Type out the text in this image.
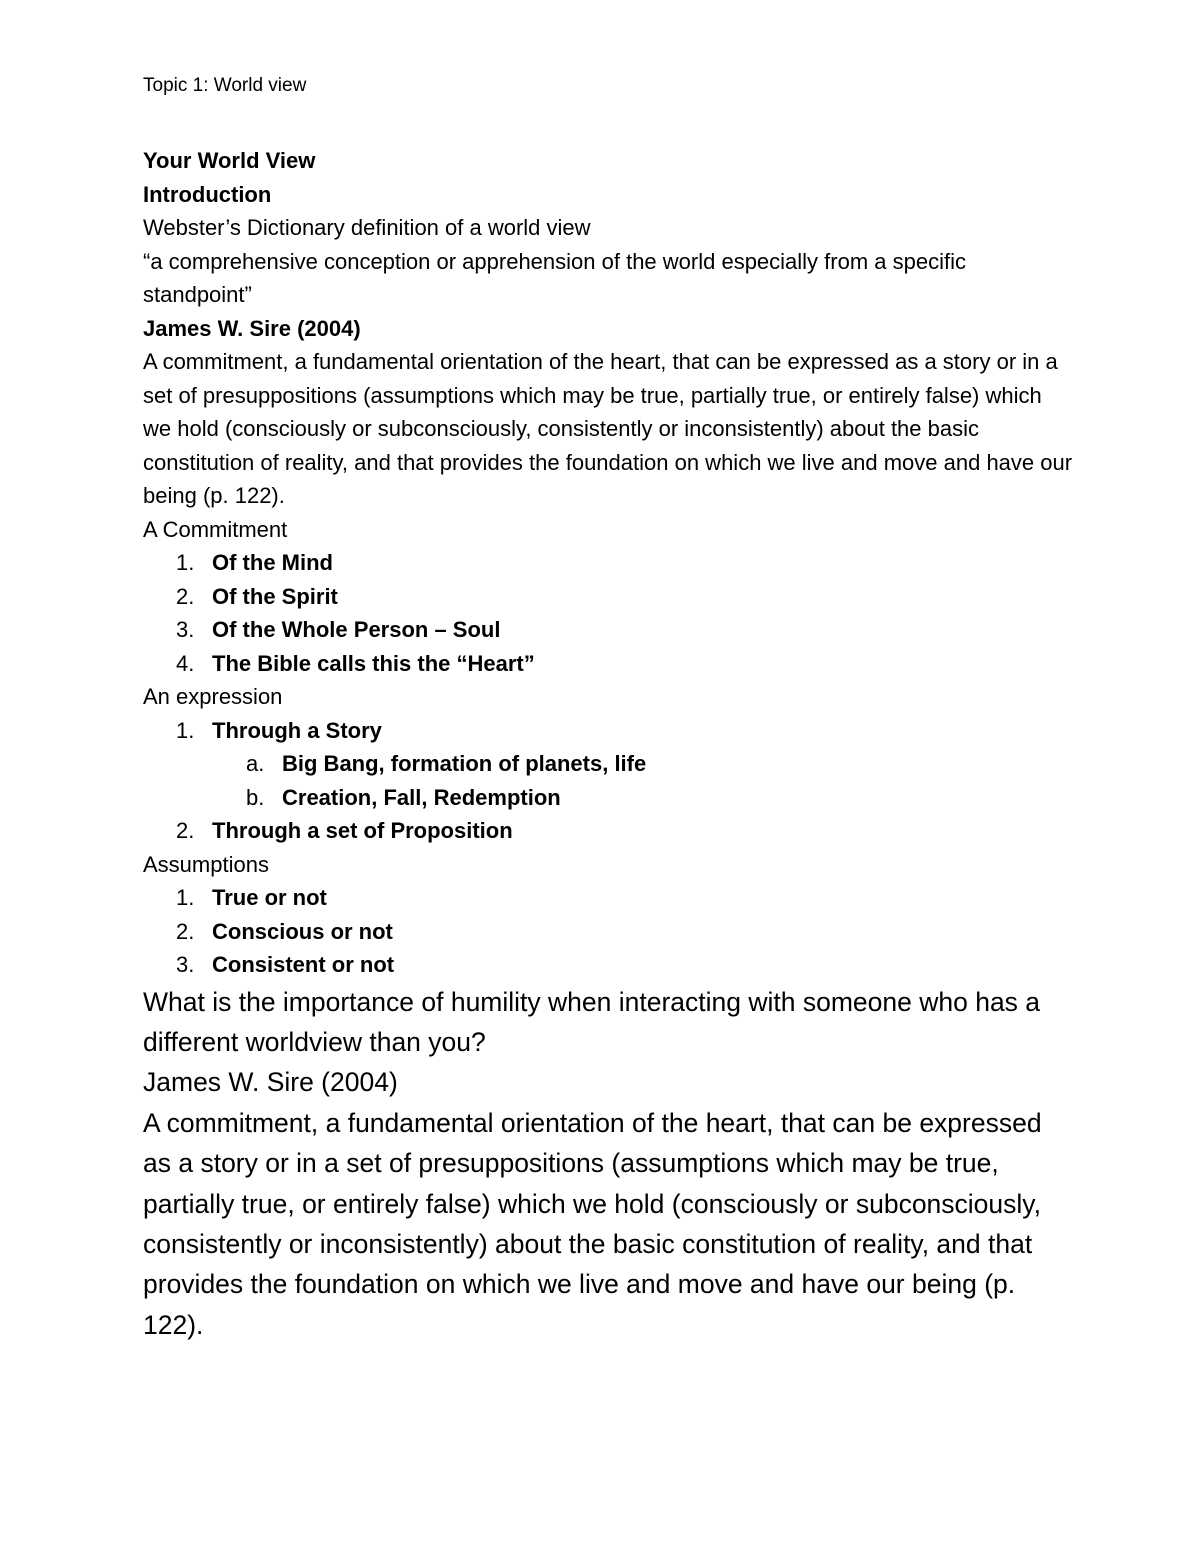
Topic 1: World view

Your World View

Introduction

Webster’s Dictionary definition of a world view

“a comprehensive conception or apprehension of the world especially from a specific standpoint”

James W. Sire (2004)

A commitment, a fundamental orientation of the heart, that can be expressed as a story or in a set of presuppositions (assumptions which may be true, partially true, or entirely false) which we hold (consciously or subconsciously, consistently or inconsistently) about the basic constitution of reality, and that provides the foundation on which we live and move and have our being (p. 122).

A Commitment

1. Of the Mind
2. Of the Spirit
3. Of the Whole Person – Soul
4. The Bible calls this the “Heart”

An expression

1. Through a Story
a. Big Bang, formation of planets, life
b. Creation, Fall, Redemption
2. Through a set of Proposition

Assumptions

1. True or not
2. Conscious or not
3. Consistent or not

What is the importance of humility when interacting with someone who has a different worldview than you?

James W. Sire (2004)

A commitment, a fundamental orientation of the heart, that can be expressed as a story or in a set of presuppositions (assumptions which may be true, partially true, or entirely false) which we hold (consciously or subconsciously, consistently or inconsistently) about the basic constitution of reality, and that provides the foundation on which we live and move and have our being (p. 122).
